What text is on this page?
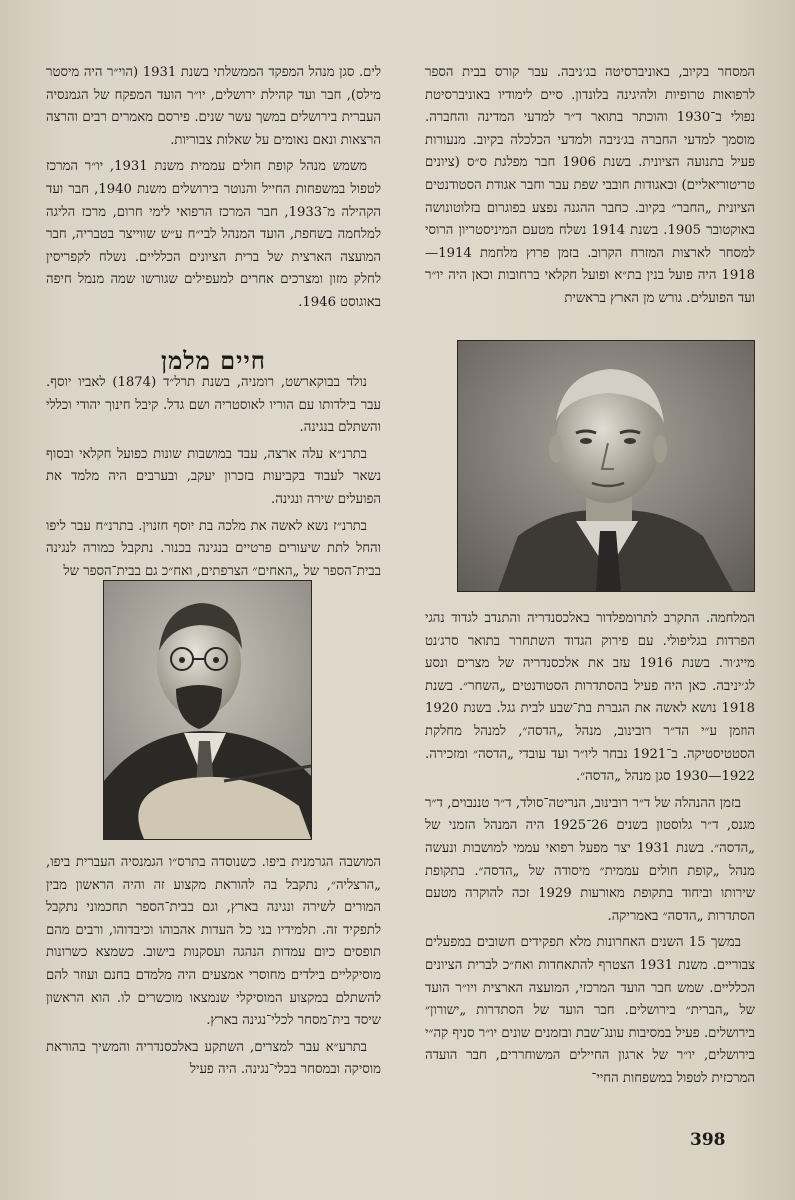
המסחר בקיוב, באוניברסיטה בג׳ניבה. עבר קורס בבית הספר לרפואות טרופיות ולהיגינה בלונדון. סיים לימודיו באוניברסיטת נפולי ב־1930 והוכתר בתואר ד״ר למדעי המדינה והחברה. מוסמך למדעי החברה בג׳ניבה ולמדעי הכלכלה בקיוב. מנעורות פעיל בתנועה הציונית. בשנת 1906 חבר מפלגת ס״ס (ציונים טריטוריאליים) ובאגודות חובבי שפת עבר וחבר אגודת הסטודנטים הציונית „החבר״ בקיוב. כחבר ההגנה נפצע בפוגרום בזלוטונושה באוקטובר 1905. בשנת 1914 נשלח מטעם המיניסטריון הרוסי למסחר לארצות המזרח הקרוב. בזמן פרוץ מלחמת 1914—1918 היה פועל בנין בת״א ופועל חקלאי ברחובות וכאן היה יו״ר ועד הפועלים. גורש מן הארץ בראשית

המלחמה. התקרב לתרומפלדור באלכסנדריה והתנדב לגדוד נהגי הפרדות בגליפולי. עם פירוק הגדוד השתחרר בתואר סרג׳נט מייג׳ור. בשנת 1916 עזב את אלכסנדריה של מצרים ונסע לג׳יניבה. כאן היה פעיל בהסתדרות הסטודנטים „השחר״. בשנת 1918 נושא לאשה את הגברת בת־שבע לבית גגל. בשנת 1920 הוזמן ע״י הד״ר רובינוב, מנהל „הדסה״, למנהל מחלקת הסטטיסטיקה. ב־1921 נבחר ליו״ר ועד עובדי „הדסה״ ומזכירה. 1922—1930 סגן מנהל „הדסה״.

בזמן ההנהלה של ד״ר רובינוב, הנריטה־סולד, ד״ר טננבוים, ד״ר מגנס, ד״ר גלוסטון בשנים 26־1925 היה המנהל הזמני של „הדסה״. בשנת 1931 יצר מפעל רפואי עממי למושבות ונעשה מנהל „קופת חולים עממית״ מיסודה של „הדסה״. בתקופת שירותו וביחוד בתקופת מאורעות 1929 זכה להוקרה מטעם הסתדרות „הדסה״ באמריקה.

במשך 15 השנים האחרונות מלא תפקידים חשובים במפעלים צבוריים. משנת 1931 הצטרף להתאחדות ואח״כ לברית הציונים הכלליים. שמש חבר הועד המרכזי, המועצה הארצית ויו״ר הועד של „הברית״ בירושלים. חבר הועד של הסתדרות „ישורון״ בירושלים. פעיל במסיבות עונג־שבת ובזמנים שונים יו״ר סניף קה״י בירושלים, יו״ר של ארגון החיילים המשוחררים, חבר הועדה המרכזית לטפול במשפחות החיי־

לים. סגן מנהל המפקד הממשלתי בשנת 1931 (הוי״ר היה מיסטר מילס), חבר ועד קהילת ירושלים, יו״ר הועד המפקח של הגמנסיה העברית בירושלים במשך עשר שנים. פירסם מאמרים רבים והרצה הרצאות ונאם נאומים על שאלות צבוריות.

משמש מנהל קופת חולים עממית משנת 1931, יו״ר המרכז לטפול במשפחות החייל והנוטר בירושלים משנת 1940, חבר ועד הקהילה מ־1933, חבר המרכז הרפואי לימי חרום, מרכז הליגה למלחמה בשחפת, הועד המנהל לבי״ח ע״ש שווייצר בטבריה, חבר המועצה הארצית של ברית הציונים הכלליים. נשלח לקפריסין לחלק מזון ומצרכים אחרים למעפילים שגורשו שמה מנמל חיפה באוגוסט 1946.

חיים מלמן

נולד בבוקארשט, רומניה, בשנת תרל״ד (1874) לאביו יוסף. עבר בילדותו עם הוריו לאוסטריה ושם גדל. קיבל חינוך יהודי וכללי והשתלם בנגינה.

בתרנ״א עלה ארצה, עבד במושבות שונות כפועל חקלאי ובסוף נשאר לעבוד בקביעות בזכרון יעקב, ובערבים היה מלמד את הפועלים שירה ונגינה.

בתרנ״ז נשא לאשה את מלכה בת יוסף חזנוין. בתרנ״ח עבר ליפו והחל לתת שיעורים פרטיים בנגינה בכנור. נתקבל כמורה לנגינה בבית־הספר של „האחים״ הצרפתים, ואח״כ גם בבית־הספר של

המושבה הגרמנית ביפו. כשנוסדה בתרס״ו הגמנסיה העברית ביפו, „הרצליה״, נתקבל בה להוראת מקצוע זה והיה הראשון מבין המורים לשירה ונגינה בארץ, וגם בבית־הספר תחכמוני נתקבל לתפקיד זה. תלמידיו בני כל העדות אהבוהו וכיבדוהו, ורבים מהם תופסים כיום עמדות הנהגה ועסקנות בישוב. כשמצא כשרונות מוסיקליים בילדים מחוסרי אמצעים היה מלמדם בחנם ועוזר להם להשתלם במקצוע המוסיקלי שנמצאו מוכשרים לו. הוא הראשון שיסד בית־מסחר לכלי־נגינה בארץ.

בתרע״א עבר למצרים, השתקע באלכסנדריה והמשיך בהוראת מוסיקה ובמסחר בכלי־נגינה. היה פעיל

398
